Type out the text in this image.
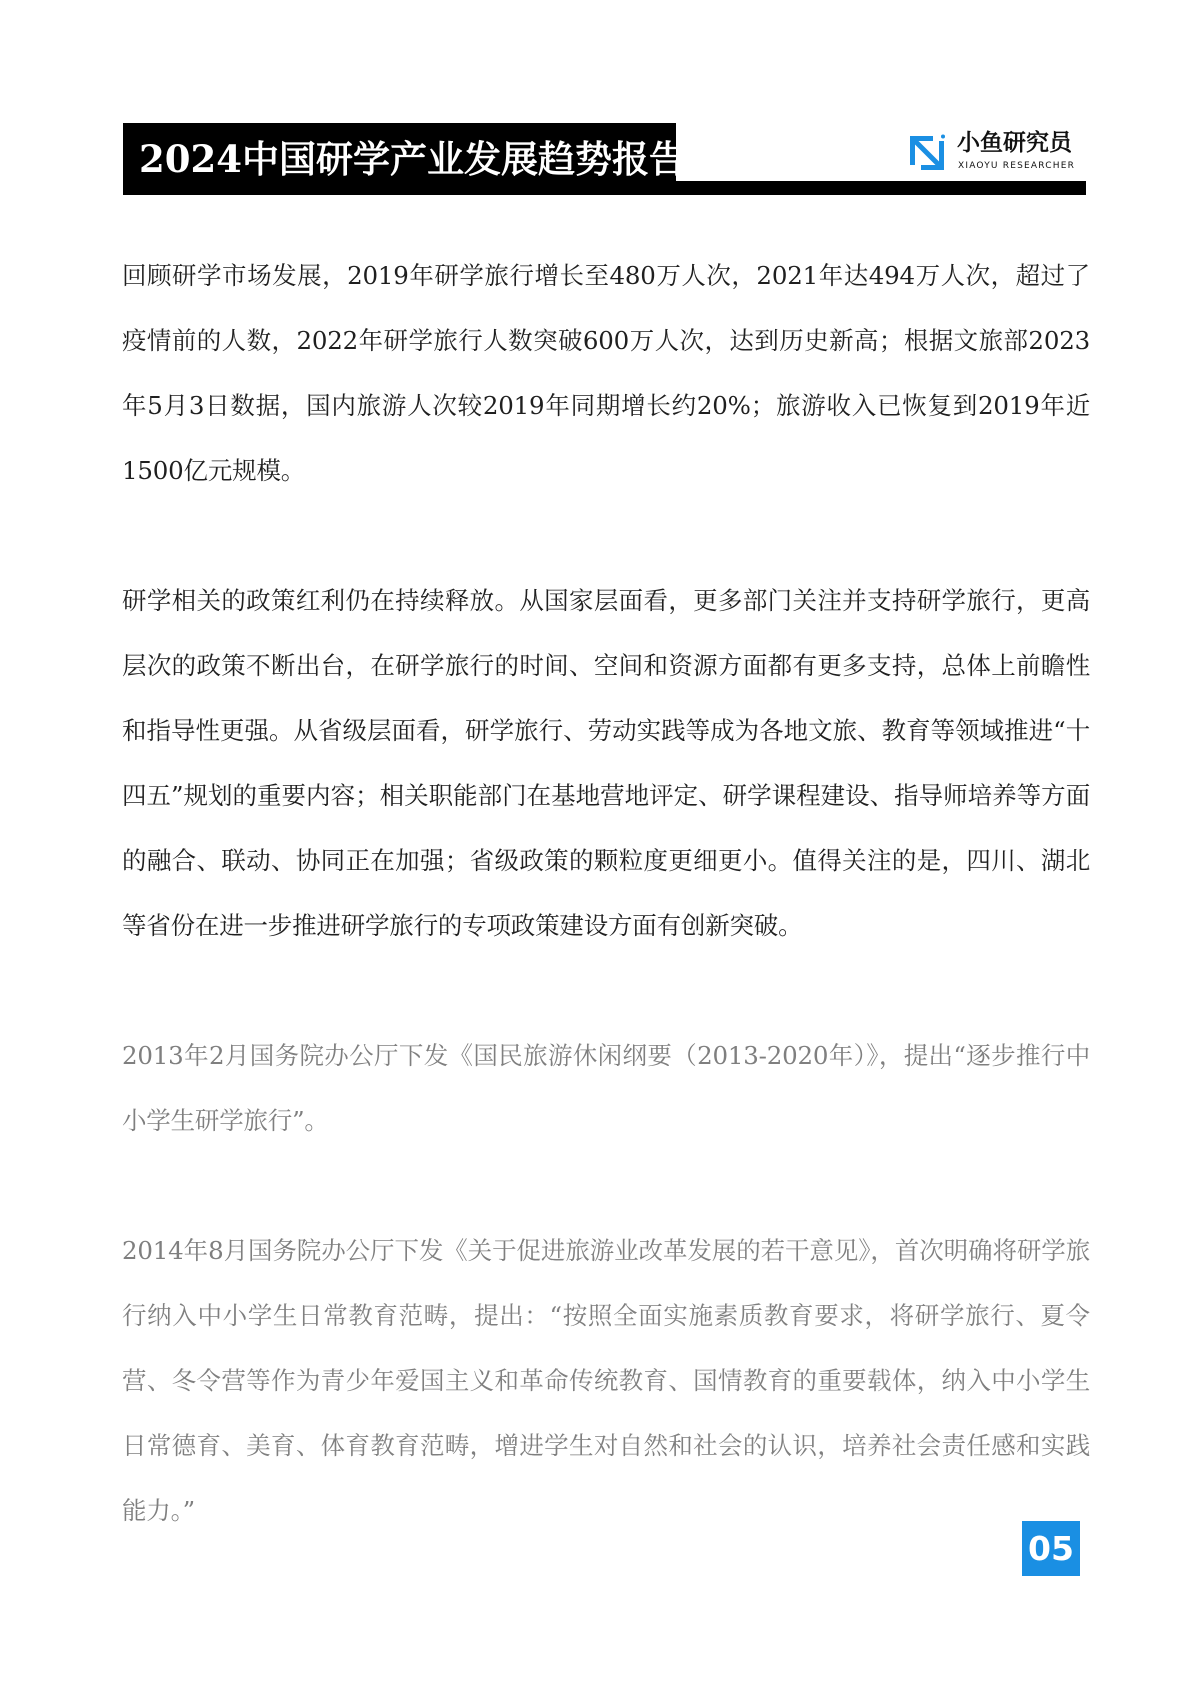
2024中国研学产业发展趋势报告	小鱼研究员
XIAOYU RESEARCHER

回顾研学市场发展，2019年研学旅行增长至480万人次，2021年达494万人次，超过了疫情前的人数，2022年研学旅行人数突破600万人次，达到历史新高；根据文旅部2023年5月3日数据，国内旅游人次较2019年同期增长约20%；旅游收入已恢复到2019年近1500亿元规模。

研学相关的政策红利仍在持续释放。从国家层面看，更多部门关注并支持研学旅行，更高层次的政策不断出台，在研学旅行的时间、空间和资源方面都有更多支持，总体上前瞻性和指导性更强。从省级层面看，研学旅行、劳动实践等成为各地文旅、教育等领域推进“十四五”规划的重要内容；相关职能部门在基地营地评定、研学课程建设、指导师培养等方面的融合、联动、协同正在加强；省级政策的颗粒度更细更小。值得关注的是，四川、湖北等省份在进一步推进研学旅行的专项政策建设方面有创新突破。

2013年2月国务院办公厅下发《国民旅游休闲纲要（2013-2020年）》，提出“逐步推行中小学生研学旅行”。

2014年8月国务院办公厅下发《关于促进旅游业改革发展的若干意见》，首次明确将研学旅行纳入中小学生日常教育范畴，提出：“按照全面实施素质教育要求，将研学旅行、夏令营、冬令营等作为青少年爱国主义和革命传统教育、国情教育的重要载体，纳入中小学生日常德育、美育、体育教育范畴，增进学生对自然和社会的认识，培养社会责任感和实践能力。”

05
